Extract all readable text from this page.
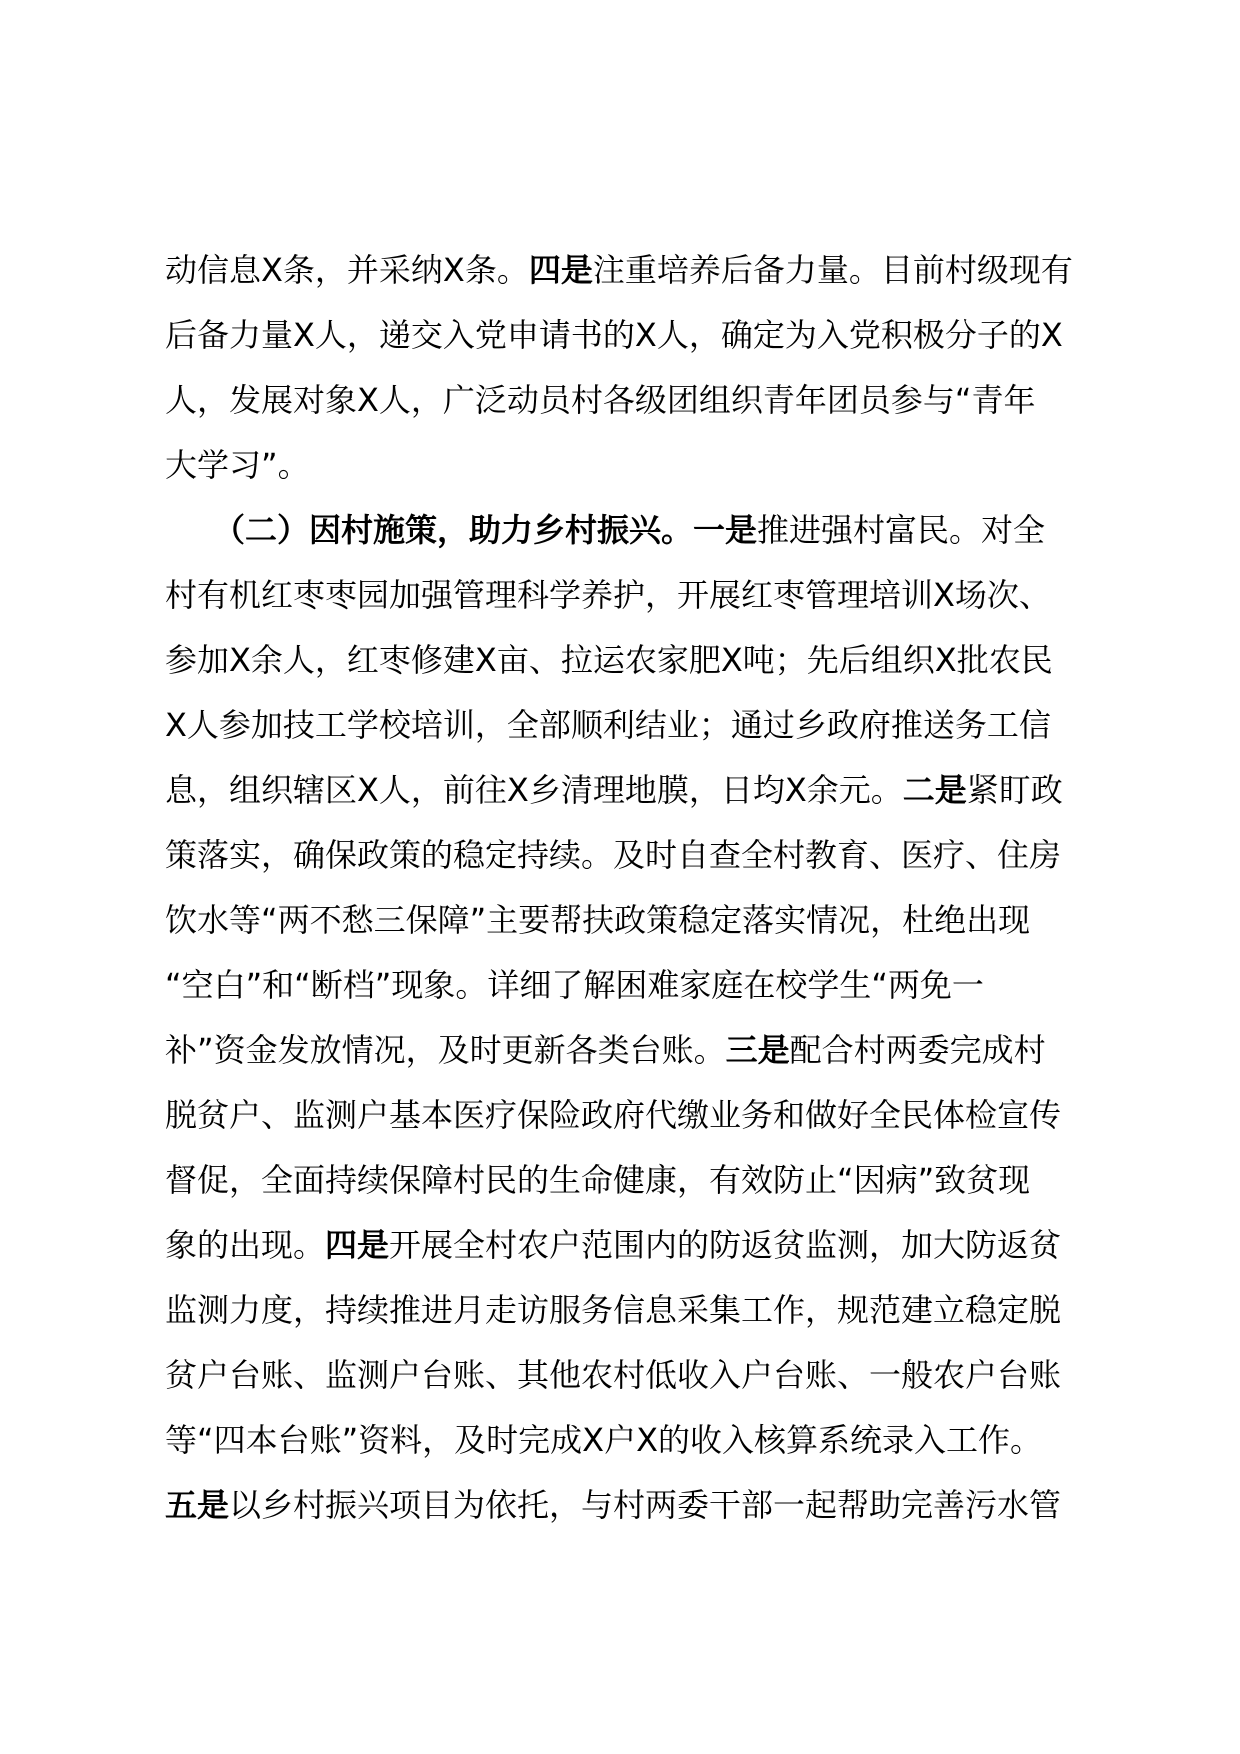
动信息X条，并采纳X条。四是注重培养后备力量。目前村级现有
后备力量X人，递交入党申请书的X人，确定为入党积极分子的X
人，发展对象X人，广泛动员村各级团组织青年团员参与“青年
大学习”。
　　（二）因村施策，助力乡村振兴。一是推进强村富民。对全
村有机红枣枣园加强管理科学养护，开展红枣管理培训X场次、
参加X余人，红枣修建X亩、拉运农家肥X吨；先后组织X批农民
X人参加技工学校培训，全部顺利结业；通过乡政府推送务工信
息，组织辖区X人，前往X乡清理地膜，日均X余元。二是紧盯政
策落实，确保政策的稳定持续。及时自查全村教育、医疗、住房
饮水等“两不愁三保障”主要帮扶政策稳定落实情况，杜绝出现
“空白”和“断档”现象。详细了解困难家庭在校学生“两免一
补”资金发放情况，及时更新各类台账。三是配合村两委完成村
脱贫户、监测户基本医疗保险政府代缴业务和做好全民体检宣传
督促，全面持续保障村民的生命健康，有效防止“因病”致贫现
象的出现。四是开展全村农户范围内的防返贫监测，加大防返贫
监测力度，持续推进月走访服务信息采集工作，规范建立稳定脱
贫户台账、监测户台账、其他农村低收入户台账、一般农户台账
等“四本台账”资料，及时完成X户X的收入核算系统录入工作。
五是以乡村振兴项目为依托，与村两委干部一起帮助完善污水管
